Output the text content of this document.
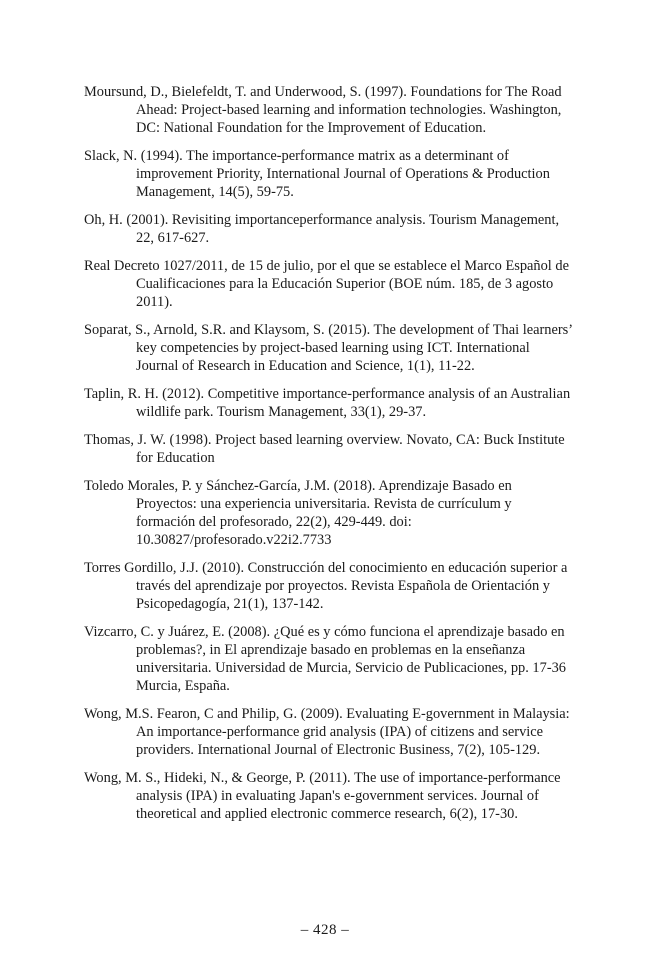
Moursund, D., Bielefeldt, T. and Underwood, S. (1997). Foundations for The Road Ahead: Project-based learning and information technologies. Washington, DC: National Foundation for the Improvement of Education.
Slack, N. (1994). The importance-performance matrix as a determinant of improvement Priority, International Journal of Operations & Production Management, 14(5), 59-75.
Oh, H. (2001). Revisiting importanceperformance analysis. Tourism Management, 22, 617-627.
Real Decreto 1027/2011, de 15 de julio, por el que se establece el Marco Español de Cualificaciones para la Educación Superior (BOE núm. 185, de 3 agosto 2011).
Soparat, S., Arnold, S.R. and Klaysom, S. (2015). The development of Thai learners’ key competencies by project-based learning using ICT. International Journal of Research in Education and Science, 1(1), 11-22.
Taplin, R. H. (2012). Competitive importance-performance analysis of an Australian wildlife park. Tourism Management, 33(1), 29-37.
Thomas, J. W. (1998). Project based learning overview. Novato, CA: Buck Institute for Education
Toledo Morales, P. y Sánchez-García, J.M. (2018). Aprendizaje Basado en Proyectos: una experiencia universitaria. Revista de currículum y formación del profesorado, 22(2), 429-449. doi: 10.30827/profesorado.v22i2.7733
Torres Gordillo, J.J. (2010). Construcción del conocimiento en educación superior a través del aprendizaje por proyectos. Revista Española de Orientación y Psicopedagogía, 21(1), 137-142.
Vizcarro, C. y Juárez, E. (2008). ¿Qué es y cómo funciona el aprendizaje basado en problemas?, in El aprendizaje basado en problemas en la enseñanza universitaria. Universidad de Murcia, Servicio de Publicaciones, pp. 17-36 Murcia, España.
Wong, M.S. Fearon, C and Philip, G. (2009). Evaluating E-government in Malaysia: An importance-performance grid analysis (IPA) of citizens and service providers. International Journal of Electronic Business, 7(2), 105-129.
Wong, M. S., Hideki, N., & George, P. (2011). The use of importance-performance analysis (IPA) in evaluating Japan's e-government services. Journal of theoretical and applied electronic commerce research, 6(2), 17-30.
– 428 –
